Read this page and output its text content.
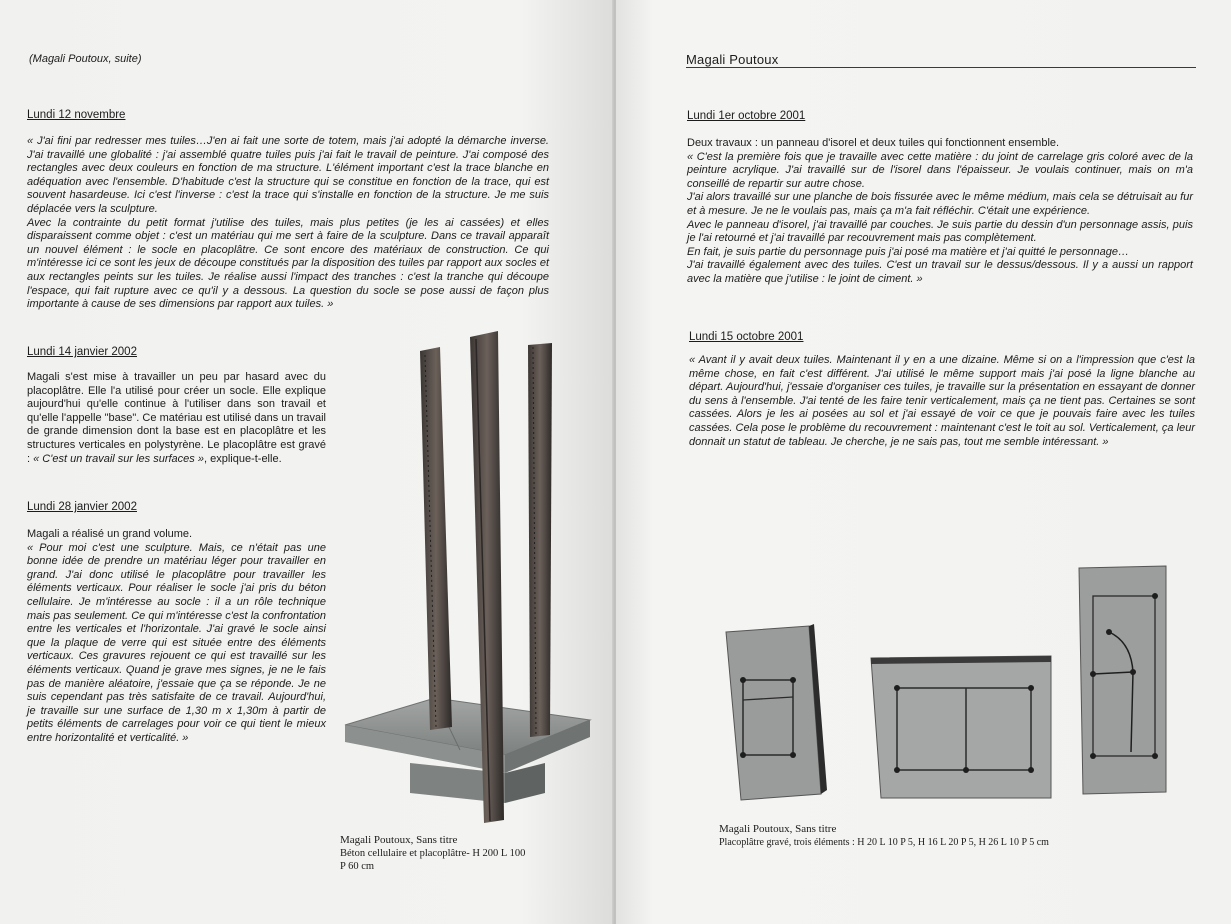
(Magali Poutoux, suite)
Lundi 12 novembre

« J'ai fini par redresser mes tuiles…J'en ai fait une sorte de totem, mais j'ai adopté la démarche inverse. J'ai travaillé une globalité : j'ai assemblé quatre tuiles puis j'ai fait le travail de peinture. J'ai composé des rectangles avec deux couleurs en fonction de ma structure. L'élément important c'est la trace blanche en adéquation avec l'ensemble. D'habitude c'est la structure qui se constitue en fonction de la trace, qui est souvent hasardeuse. Ici c'est l'inverse : c'est la trace qui s'installe en fonction de la structure. Je me suis déplacée vers la sculpture.

Avec la contrainte du petit format j'utilise des tuiles, mais plus petites (je les ai cassées) et elles disparaissent comme objet : c'est un matériau qui me sert à faire de la sculpture. Dans ce travail apparaît un nouvel élément : le socle en placoplâtre. Ce sont encore des matériaux de construction. Ce qui m'intéresse ici ce sont les jeux de découpe constitués par la disposition des tuiles par rapport aux socles et aux rectangles peints sur les tuiles. Je réalise aussi l'impact des tranches : c'est la tranche qui découpe l'espace, qui fait rupture avec ce qu'il y a dessous. La question du socle se pose aussi de façon plus importante à cause de ses dimensions par rapport aux tuiles. »

Lundi 14 janvier 2002
Magali s'est mise à travailler un peu par hasard avec du placoplâtre. Elle l'a utilisé pour créer un socle. Elle explique aujourd'hui qu'elle continue à l'utiliser dans son travail et qu'elle l'appelle "base". Ce matériau est utilisé dans un travail de grande dimension dont la base est en placoplâtre et les structures verticales en polystyrène. Le placoplâtre est gravé : « C'est un travail sur les surfaces », explique-t-elle.
Lundi 28 janvier 2002

Magali a réalisé un grand volume.

« Pour moi c'est une sculpture. Mais, ce n'était pas une bonne idée de prendre un matériau léger pour travailler en grand. J'ai donc utilisé le placoplâtre pour travailler les éléments verticaux. Pour réaliser le socle j'ai pris du béton cellulaire. Je m'intéresse au socle : il a un rôle technique mais pas seulement. Ce qui m'intéresse c'est la confrontation entre les verticales et l'horizontale. J'ai gravé le socle ainsi que la plaque de verre qui est située entre des éléments verticaux. Ces gravures rejouent ce qui est travaillé sur les éléments verticaux. Quand je grave mes signes, je ne le fais pas de manière aléatoire, j'essaie que ça se réponde. Je ne suis cependant pas très satisfaite de ce travail. Aujourd'hui, je travaille sur une surface de 1,30 m x 1,30m à partir de petits éléments de carrelages pour voir ce qui tient le mieux entre horizontalité et verticalité. »

Magali Poutoux, Sans titre
Béton cellulaire et placoplâtre- H 200 L 100
P 60 cm
Magali Poutoux
Lundi 1er octobre 2001

Deux travaux : un panneau d'isorel et deux tuiles qui fonctionnent ensemble.

« C'est la première fois que je travaille avec cette matière : du joint de carrelage gris coloré avec de la peinture acrylique. J'ai travaillé sur de l'isorel dans l'épaisseur. Je voulais continuer, mais on m'a conseillé de repartir sur autre chose.

J'ai alors travaillé sur une planche de bois fissurée avec le même médium, mais cela se détruisait au fur et à mesure. Je ne le voulais pas, mais ça m'a fait réfléchir. C'était une expérience.

Avec le panneau d'isorel, j'ai travaillé par couches. Je suis partie du dessin d'un personnage assis, puis je l'ai retourné et j'ai travaillé par recouvrement mais pas complètement.

En fait, je suis partie du personnage puis j'ai posé ma matière et j'ai quitté le personnage…

J'ai travaillé également avec des tuiles. C'est un travail sur le dessus/dessous. Il y a aussi un rapport avec la matière que j'utilise : le joint de ciment. »

Lundi 15 octobre 2001

« Avant il y avait deux tuiles. Maintenant il y en a une dizaine. Même si on a l'impression que c'est la même chose, en fait c'est différent. J'ai utilisé le même support mais j'ai posé la ligne blanche au départ. Aujourd'hui, j'essaie d'organiser ces tuiles, je travaille sur la présentation en essayant de donner du sens à l'ensemble. J'ai tenté de les faire tenir verticalement, mais ça ne tient pas. Certaines se sont cassées. Alors je les ai posées au sol et j'ai essayé de voir ce que je pouvais faire avec les tuiles cassées. Cela pose le problème du recouvrement : maintenant c'est le toit au sol. Verticalement, ça leur donnait un statut de tableau. Je cherche, je ne sais pas, tout me semble intéressant. »

Magali Poutoux, Sans titre
Placoplâtre gravé, trois éléments : H 20 L 10 P 5, H 16 L 20 P 5, H 26 L 10 P 5 cm
